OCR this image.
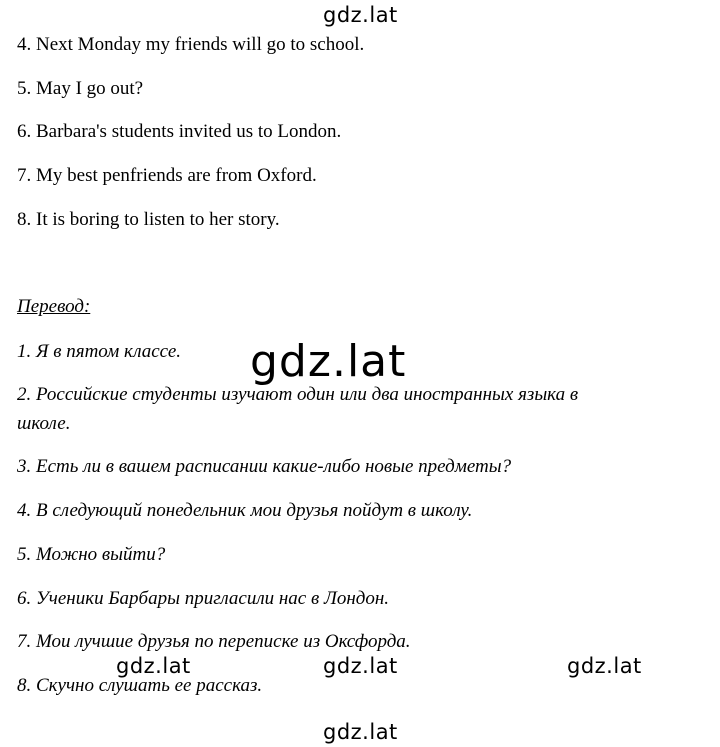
gdz.lat
gdz.lat
gdz.lat	gdz.lat	gdz.lat
gdz.lat
4. Next Monday my friends will go to school.
5. May I go out?
6. Barbara's students invited us to London.
7. My best penfriends are from Oxford.
8. It is boring to listen to her story.
Перевод:
1. Я в пятом классе.
2. Российские студенты изучают один или два иностранных языка в
школе.
3. Есть ли в вашем расписании какие-либо новые предметы?
4. В следующий понедельник мои друзья пойдут в школу.
5. Можно выйти?
6. Ученики Барбары пригласили нас в Лондон.
7. Мои лучшие друзья по переписке из Оксфорда.
8. Скучно слушать ее рассказ.
